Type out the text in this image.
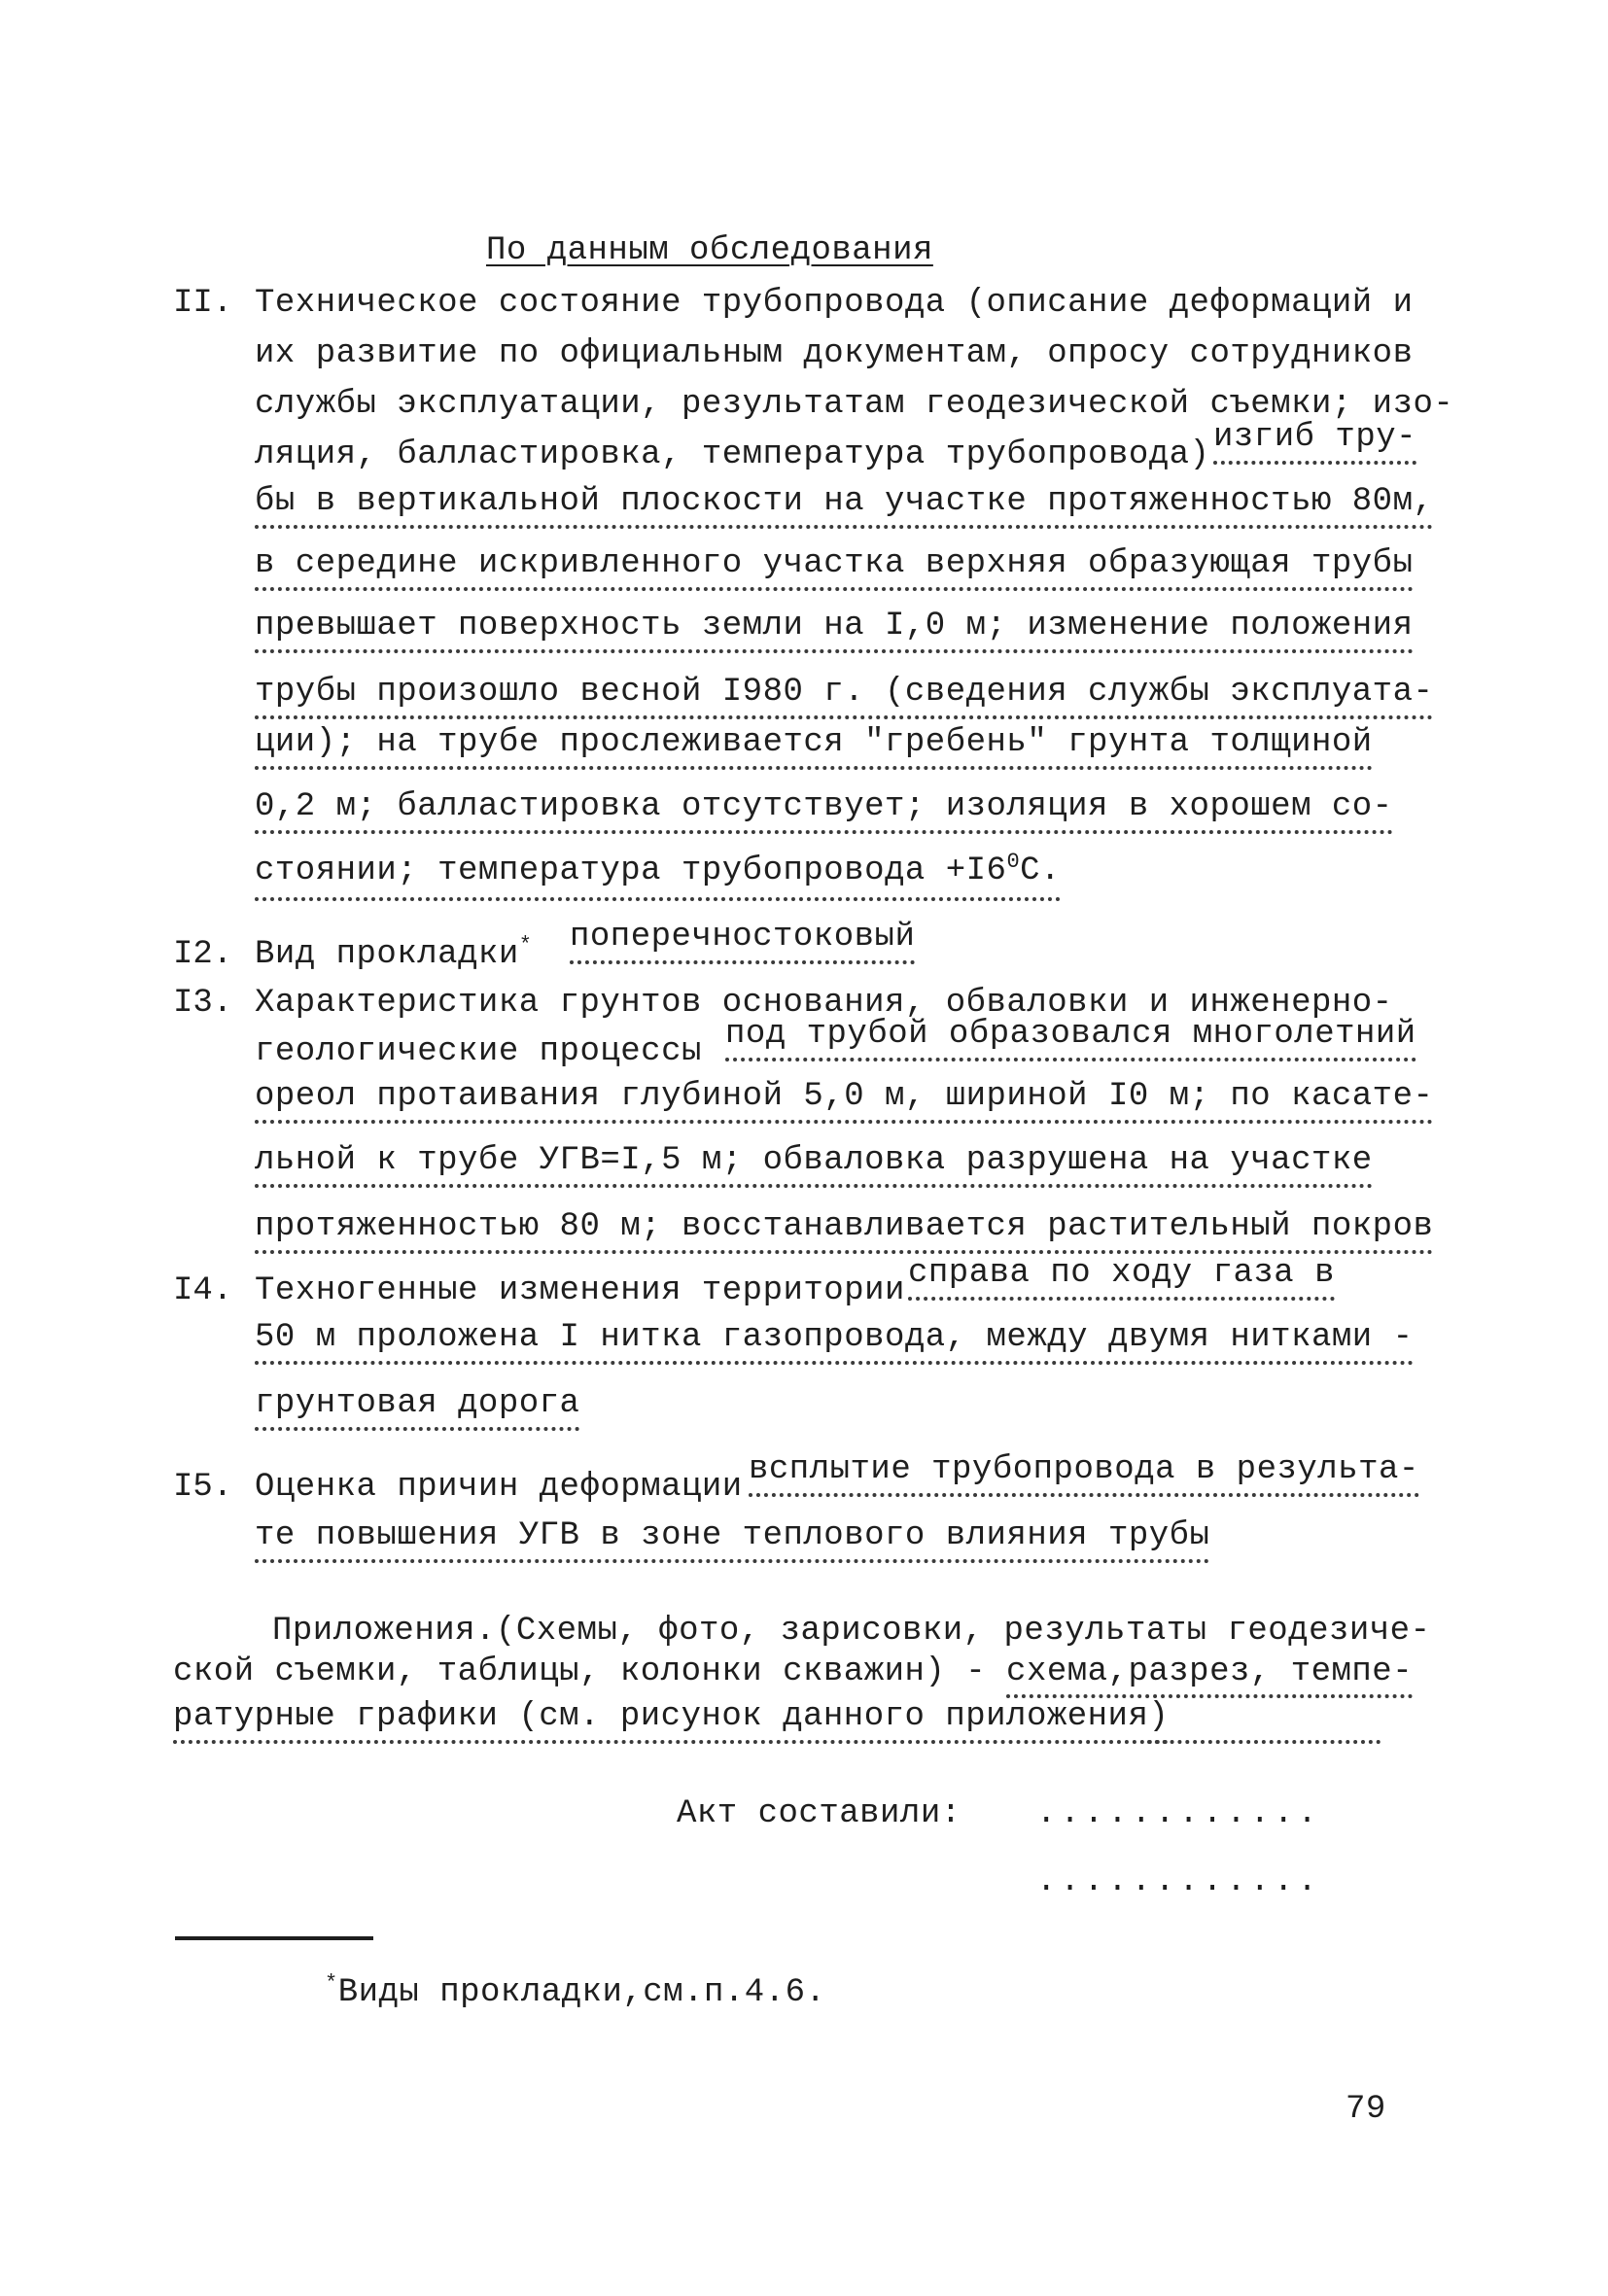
По данным обследования
II. Техническое состояние трубопровода (описание деформаций и
их развитие по официальным документам, опросу сотрудников
службы эксплуатации, результатам геодезической съемки; изо-
ляция, балластировка, температура трубопровода) изгиб тру-
бы в вертикальной плоскости на участке протяженностью 80м,
в середине искривленного участка верхняя образующая трубы
превышает поверхность земли на I,0 м; изменение положения
трубы произошло весной I980 г. (сведения службы эксплуата-
ции); на трубе прослеживается "гребень" грунта толщиной
0,2 м; балластировка отсутствует; изоляция в хорошем со-
стоянии; температура трубопровода $+I6^0С$.
I2. Вид прокладки* поперечностоковый
I3. Характеристика грунтов основания, обваловки и инженерно-
геологические процессы под трубой образовался многолетний
ореол протаивания глубиной 5,0 м, шириной I0 м; по касате-
льной к трубе УГВ=I,5 м; обваловка разрушена на участке
протяженностью 80 м; восстанавливается растительный покров
I4. Техногенные изменения территории справа по ходу газа в
50 м проложена I нитка газопровода, между двумя нитками -
грунтовая дорога
I5. Оценка причин деформации всплытие трубопровода в результа-
те повышения УГВ в зоне теплового влияния трубы
Приложения.(Схемы, фото, зарисовки, результаты геодезиче-
ской съемки, таблицы, колонки скважин) - схема,разрез, темпе-
ратурные графики (см. рисунок данного приложения)
Акт составили: ............
............
*Виды прокладки,см.п.4.6.
79
